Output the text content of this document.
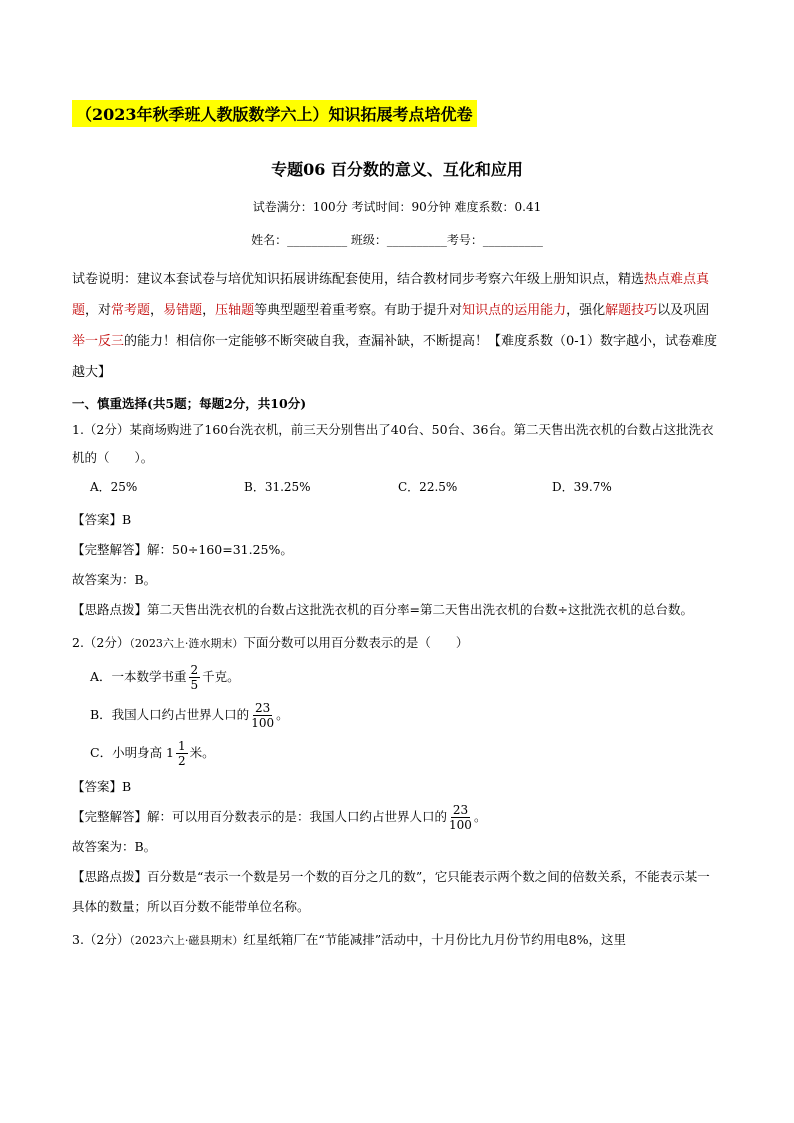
（2023年秋季班人教版数学六上）知识拓展考点培优卷
专题06 百分数的意义、互化和应用
试卷满分：100分 考试时间：90分钟 难度系数：0.41
姓名：__________ 班级：__________考号：__________
试卷说明：建议本套试卷与培优知识拓展讲练配套使用，结合教材同步考察六年级上册知识点，精选热点难点真题，对常考题，易错题，压轴题等典型题型着重考察。有助于提升对知识点的运用能力，强化解题技巧以及巩固举一反三的能力！相信你一定能够不断突破自我，查漏补缺，不断提高！【难度系数（0-1）数字越小，试卷难度越大】
一、慎重选择(共5题；每题2分，共10分)
1.（2分）某商场购进了160台洗衣机，前三天分别售出了40台、50台、36台。第二天售出洗衣机的台数占这批洗衣机的（　　）。
A．25%	B．31.25%	C．22.5%	D．39.7%
【答案】B
【完整解答】解：50÷160=31.25%。
故答案为：B。
【思路点拨】第二天售出洗衣机的台数占这批洗衣机的百分率=第二天售出洗衣机的台数÷这批洗衣机的总台数。
2.（2分）（2023六上·涟水期末）下面分数可以用百分数表示的是（　　）
A．一本数学书重 $\frac{2}{5}$ 千克。
B．我国人口约占世界人口的 $\frac{23}{100}$ 。
C．小明身高 $1 \frac{1}{2}$ 米。
【答案】B
【完整解答】解：可以用百分数表示的是：我国人口约占世界人口的 $\frac{23}{100}$ 。
故答案为：B。
【思路点拨】百分数是“表示一个数是另一个数的百分之几的数”，它只能表示两个数之间的倍数关系，不能表示某一具体的数量；所以百分数不能带单位名称。
3.（2分）（2023六上·磁县期末）红星纸箱厂在“节能减排”活动中，十月份比九月份节约用电8%，这里
